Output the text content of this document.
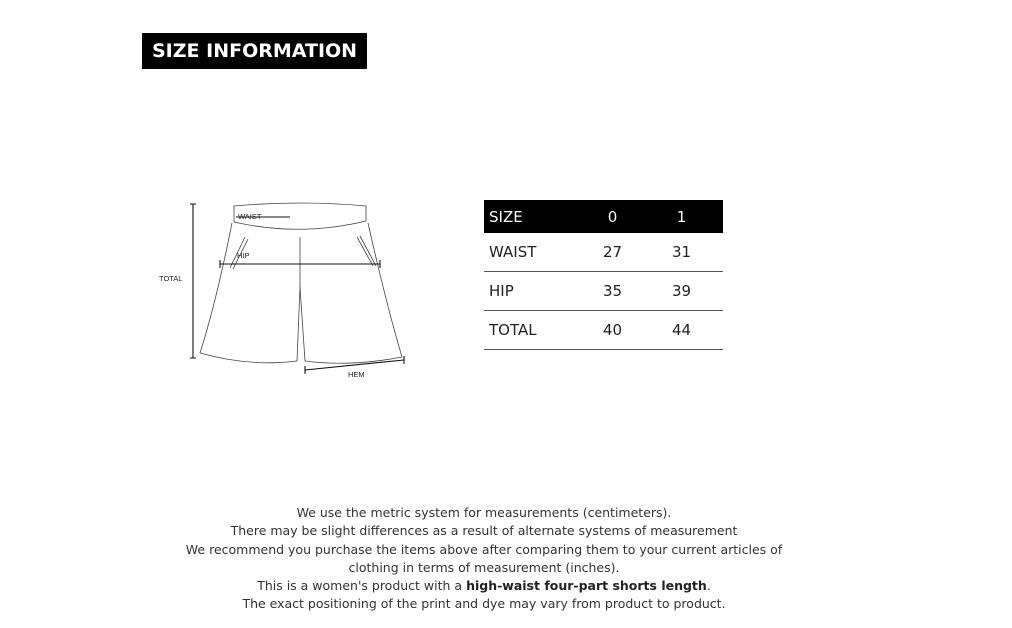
SIZE INFORMATION
WAIST
HIP
TOTAL
HEM
SIZE	0	1
WAIST	27	31
HIP	35	39
TOTAL	40	44

We use the metric system for measurements (centimeters).

There may be slight differences as a result of alternate systems of measurement

We recommend you purchase the items above after comparing them to your current articles of

clothing in terms of measurement (inches).

This is a women's product with a high-waist four-part shorts length.

The exact positioning of the print and dye may vary from product to product.
